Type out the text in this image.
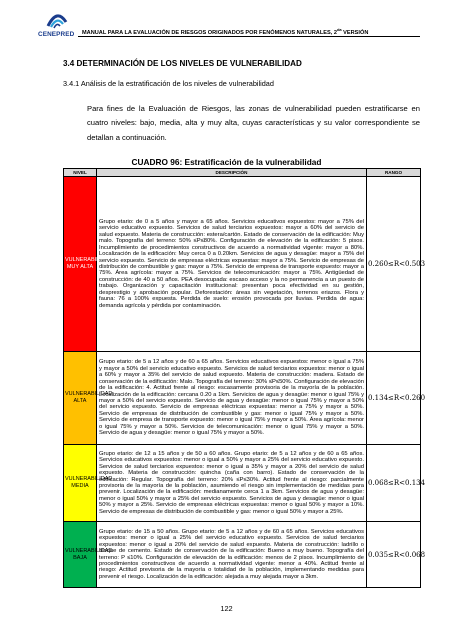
CENEPRED MANUAL PARA LA EVALUACIÓN DE RIESGOS ORIGINADOS POR FENÓMENOS NATURALES, $2^{da}$ VERSIÓN
3.4 DETERMINACIÓN DE LOS NIVELES DE VULNERABILIDAD
3.4.1 Análisis de la estratificación de los niveles de vulnerabilidad

Para fines de la Evaluación de Riesgos, las zonas de vulnerabilidad pueden estratificarse en cuatro niveles: bajo, media, alta y muy alta, cuyas características y su valor correspondiente se detallan a continuación.

CUADRO 96: Estratificación de la vulnerabilidad
NIVEL	DESCRIPCIÓN	RANGO

VULNERABILIDAD MUY ALTA	Grupo etario: de 0 a 5 años y mayor a 65 años. Servicios educativos expuestos: mayor a 75% del servicio educativo expuesto. Servicios de salud terciarios expuestos: mayor a 60% del servicio de salud expuesto. Materia de construcción: estera/cartón. Estado de conservación de la edificación: Muy malo. Topografía del terreno: 50% ≤P≤80%. Configuración de elevación de la edificación: 5 pisos. Incumplimiento de procedimientos constructivos de acuerdo a normatividad vigente: mayor a 80%. Localización de la edificación: Muy cerca 0 a 0.20km. Servicios de agua y desagüe: mayor a 75% del servicio expuesto. Servicio de empresas eléctricas expuestas: mayor a 75%. Servicio de empresas de distribución de combustible y gas: mayor a 75%. Servicio de empresa de transporte expuesto: mayor a 75%. Área agrícola: mayor a 75%. Servicios de telecomunicación: mayor a 75%. Antigüedad de construcción: de 40 a 50 años. PEA desocupada: escaso acceso y la no permanencia a un puesto de trabajo. Organización y capacitación institucional: presentan poca efectividad en su gestión, desprestigio y aprobación popular. Deforestación: áreas sin vegetación, terrenos eriazos. Flora y fauna: 76 a 100% expuesta. Perdida de suelo: erosión provocada por lluvias. Perdida de agua: demanda agrícola y pérdida por contaminación.	0.260≤R<0.503

VULNERABILIDAD ALTA	Grupo etario: de 5 a 12 años y de 60 a 65 años. Servicios educativos expuestos: menor o igual a 75% y mayor a 50% del servicio educativo expuesto. Servicios de salud terciarios expuestos: menor o igual a 60% y mayor a 35% del servicio de salud expuesto. Materia de construcción: madera. Estado de conservación de la edificación: Malo. Topografía del terreno: 30% ≤P≤50%. Configuración de elevación de la edificación: 4. Actitud frente al riesgo: escasamente provisoria de la mayoría de la población. Localización de la edificación: cercana 0.20 a 1km. Servicios de agua y desagüe: menor o igual 75% y mayor a 50% del servicio expuesto. Servicio de agua y desagüe: menor o igual 75% y mayor a 50% del servicio expuesto. Servicio de empresas eléctricas expuestas: menor a 75% y mayor a 50%. Servicio de empresas de distribución de combustible y gas: menor o igual 75% y mayor a 50%. Servicio de empresa de transporte expuesto: menor o igual 75% y mayor a 50%. Área agrícola: menor o igual 75% y mayor a 50%. Servicios de telecomunicación: menor o igual 75% y mayor a 50%. Servicio de agua y desagüe: menor o igual 75% y mayor a 50%.	0.134≤R<0.260

VULNERABILIDAD MEDIA	Grupo etario: de 12 a 15 años y de 50 a 60 años. Grupo etario: de 5 a 12 años y de 60 a 65 años. Servicios educativos expuestos: menor o igual a 50% y mayor a 25% del servicio educativo expuesto. Servicios de salud terciarios expuestos: menor o igual a 35% y mayor a 20% del servicio de salud expuesto. Materia de construcción: quincha (caña con barro). Estado de conservación de la edificación: Regular. Topografía del terreno: 20% ≤P≤30%. Actitud frente al riesgo: parcialmente provisoria de la mayoría de la población, asumiendo el riesgo sin implementación de medidas para prevenir. Localización de la edificación: medianamente cerca 1 a 3km. Servicios de agua y desagüe: menor o igual 50% y mayor a 25% del servicio expuesto. Servicios de agua y desagüe: menor o igual 50% y mayor a 25%. Servicio de empresas eléctricas expuestas: menor o igual 50% y mayor a 10%. Servicio de empresas de distribución de combustible y gas: menor o igual 50% y mayor a 25%.	0.068≤R<0.134

VULNERABILIDAD BAJA	Grupo etario: de 15 a 50 años. Grupo etario: de 5 a 12 años y de 60 a 65 años. Servicios educativos expuestos: menor o igual a 25% del servicio educativo expuesto. Servicios de salud terciarios expuestos: menor o igual a 20% del servicio de salud expuesto. Materia de construcción: ladrillo o bloque de cemento. Estado de conservación de la edificación: Bueno a muy bueno. Topografía del terreno: P ≤10%. Configuración de elevación de la edificación: menos de 2 pisos. Incumplimiento de procedimientos constructivos de acuerdo a normatividad vigente: menor a 40%. Actitud frente al riesgo: Actitud previsoria de la mayoría o totalidad de la población, implementando medidas para prevenir el riesgo. Localización de la edificación: alejada a muy alejada mayor a 3km.	0.035≤R<0.068
122
